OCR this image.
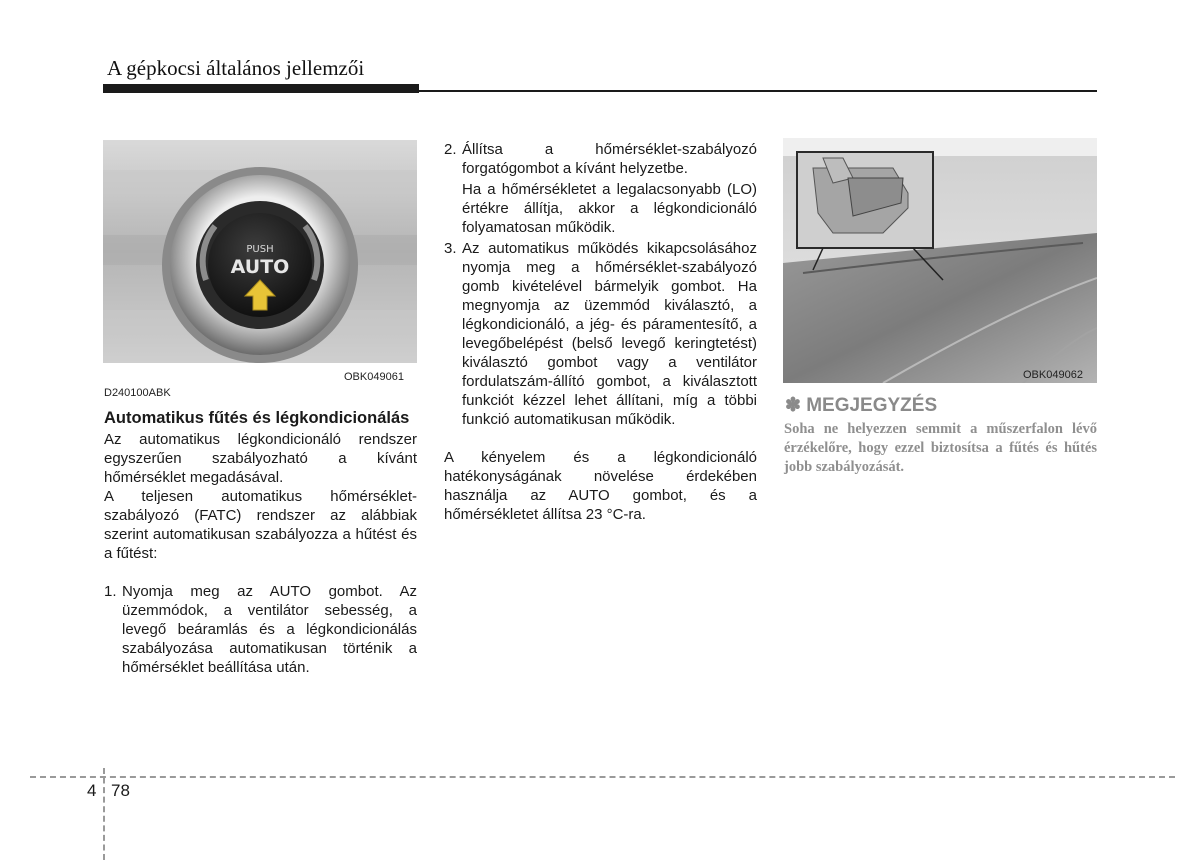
A gépkocsi általános jellemzői
PUSH
AUTO
D240100ABK
OBK049061

Automatikus fűtés és légkondicionálás

Az automatikus légkondicionáló rendszer egyszerűen szabályozható a kívánt hőmérséklet megadásával.

A teljesen automatikus hőmérséklet-szabályozó (FATC) rendszer az alábbiak szerint automatikusan szabályozza a hűtést és a fűtést:

1. Nyomja meg az AUTO gombot. Az üzemmódok, a ventilátor sebesség, a levegő beáramlás és a légkondicionálás szabályozása automatikusan történik a hőmérséklet beállítása után.
2. Állítsa a hőmérséklet-szabályozó forgatógombot a kívánt helyzetbe.

Ha a hőmérsékletet a legalacsonyabb (LO) értékre állítja, akkor a légkondicionáló folyamatosan működik.

3. Az automatikus működés kikapcsolásához nyomja meg a hőmérséklet-szabályozó gomb kivételével bármelyik gombot. Ha megnyomja az üzemmód kiválasztó, a légkondicionáló, a jég- és páramentesítő, a levegőbelépést (belső levegő keringtetést) kiválasztó gombot vagy a ventilátor fordulatszám-állító gombot, a kiválasztott funkciót kézzel lehet állítani, míg a többi funkció automatikusan működik.

A kényelem és a légkondicionáló hatékonyságának növelése érdekében használja az AUTO gombot, és a hőmérsékletet állítsa 23 °C-ra.

OBK049062
✽ MEGJEGYZÉS
Soha ne helyezzen semmit a műszerfalon lévő érzékelőre, hogy ezzel biztosítsa a fűtés és hűtés jobb szabályozását.
4 78
